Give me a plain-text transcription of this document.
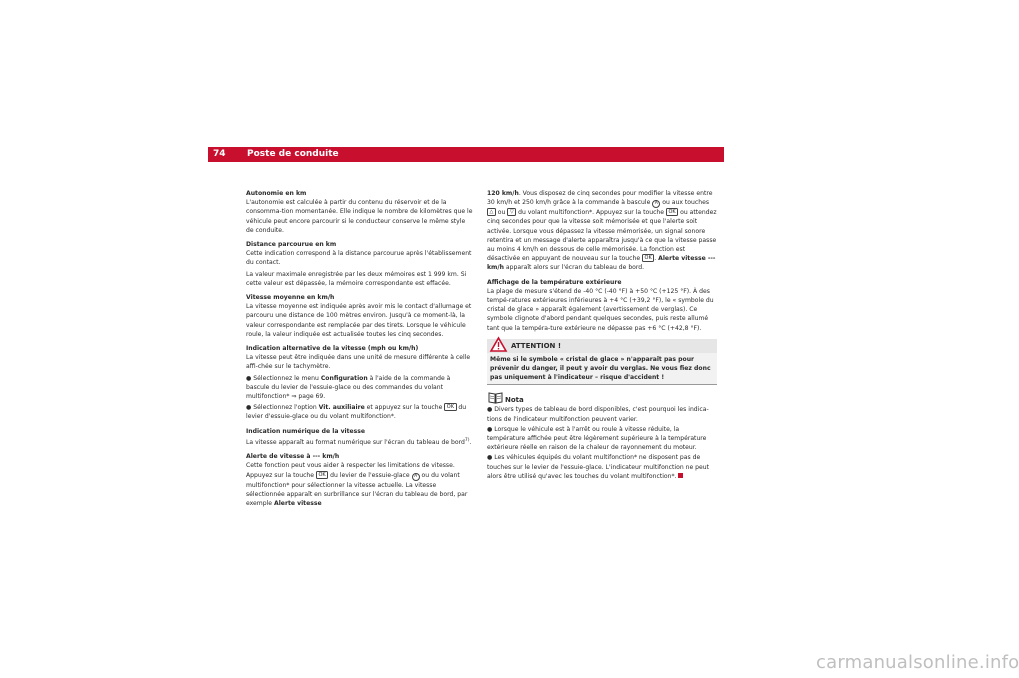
74 Poste de conduite

Autonomie en km
L'autonomie est calculée à partir du contenu du réservoir et de la consomma-tion momentanée. Elle indique le nombre de kilomètres que le véhicule peut encore parcourir si le conducteur conserve le même style de conduite.

Distance parcourue en km
Cette indication correspond à la distance parcourue après l'établissement du contact.

La valeur maximale enregistrée par les deux mémoires est 1 999 km. Si cette valeur est dépassée, la mémoire correspondante est effacée.

Vitesse moyenne en km/h
La vitesse moyenne est indiquée après avoir mis le contact d'allumage et parcouru une distance de 100 mètres environ. Jusqu'à ce moment-là, la valeur correspondante est remplacée par des tirets. Lorsque le véhicule roule, la valeur indiquée est actualisée toutes les cinq secondes.

Indication alternative de la vitesse (mph ou km/h)
La vitesse peut être indiquée dans une unité de mesure différente à celle affi-chée sur le tachymètre.

● Sélectionnez le menu Configuration à l'aide de la commande à bascule du levier de l'essuie-glace ou des commandes du volant multifonction* ⇒ page 69.

● Sélectionnez l'option Vit. auxiliaire et appuyez sur la touche OK du levier d'essuie-glace ou du volant multifonction*.

Indication numérique de la vitesse
La vitesse apparaît au format numérique sur l'écran du tableau de bord$^{7)}$.

Alerte de vitesse à --- km/h
Cette fonction peut vous aider à respecter les limitations de vitesse. Appuyez sur la touche OK du levier de l'essuie-glace A ou du volant multifonction* pour sélectionner la vitesse actuelle. La vitesse sélectionnée apparaît en surbrillance sur l'écran du tableau de bord, par exemple Alerte vitesse

120 km/h. Vous disposez de cinq secondes pour modifier la vitesse entre 30 km/h et 250 km/h grâce à la commande à bascule A ou aux touches △ ou ▽ du volant multifonction*. Appuyez sur la touche OK ou attendez cinq secondes pour que la vitesse soit mémorisée et que l'alerte soit activée. Lorsque vous dépassez la vitesse mémorisée, un signal sonore retentira et un message d'alerte apparaîtra jusqu'à ce que la vitesse passe au moins 4 km/h en dessous de celle mémorisée. La fonction est désactivée en appuyant de nouveau sur la touche OK . Alerte vitesse --- km/h apparaît alors sur l'écran du tableau de bord.

Affichage de la température extérieure
La plage de mesure s'étend de -40 °C (-40 °F) à +50 °C (+125 °F). À des tempé-ratures extérieures inférieures à +4 °C (+39,2 °F), le « symbole du cristal de glace » apparaît également (avertissement de verglas). Ce symbole clignote d'abord pendant quelques secondes, puis reste allumé tant que la tempéra-ture extérieure ne dépasse pas +6 °C (+42,8 °F).

ATTENTION !
Même si le symbole « cristal de glace » n'apparaît pas pour prévenir du danger, il peut y avoir du verglas. Ne vous fiez donc pas uniquement à l'indicateur – risque d'accident !
Nota

● Divers types de tableau de bord disponibles, c'est pourquoi les indica-tions de l'indicateur multifonction peuvent varier.

● Lorsque le véhicule est à l'arrêt ou roule à vitesse réduite, la température affichée peut être légèrement supérieure à la température extérieure réelle en raison de la chaleur de rayonnement du moteur.

● Les véhicules équipés du volant multifonction* ne disposent pas de touches sur le levier de l'essuie-glace. L'indicateur multifonction ne peut alors être utilisé qu'avec les touches du volant multifonction*.

carmanualsonline.info
